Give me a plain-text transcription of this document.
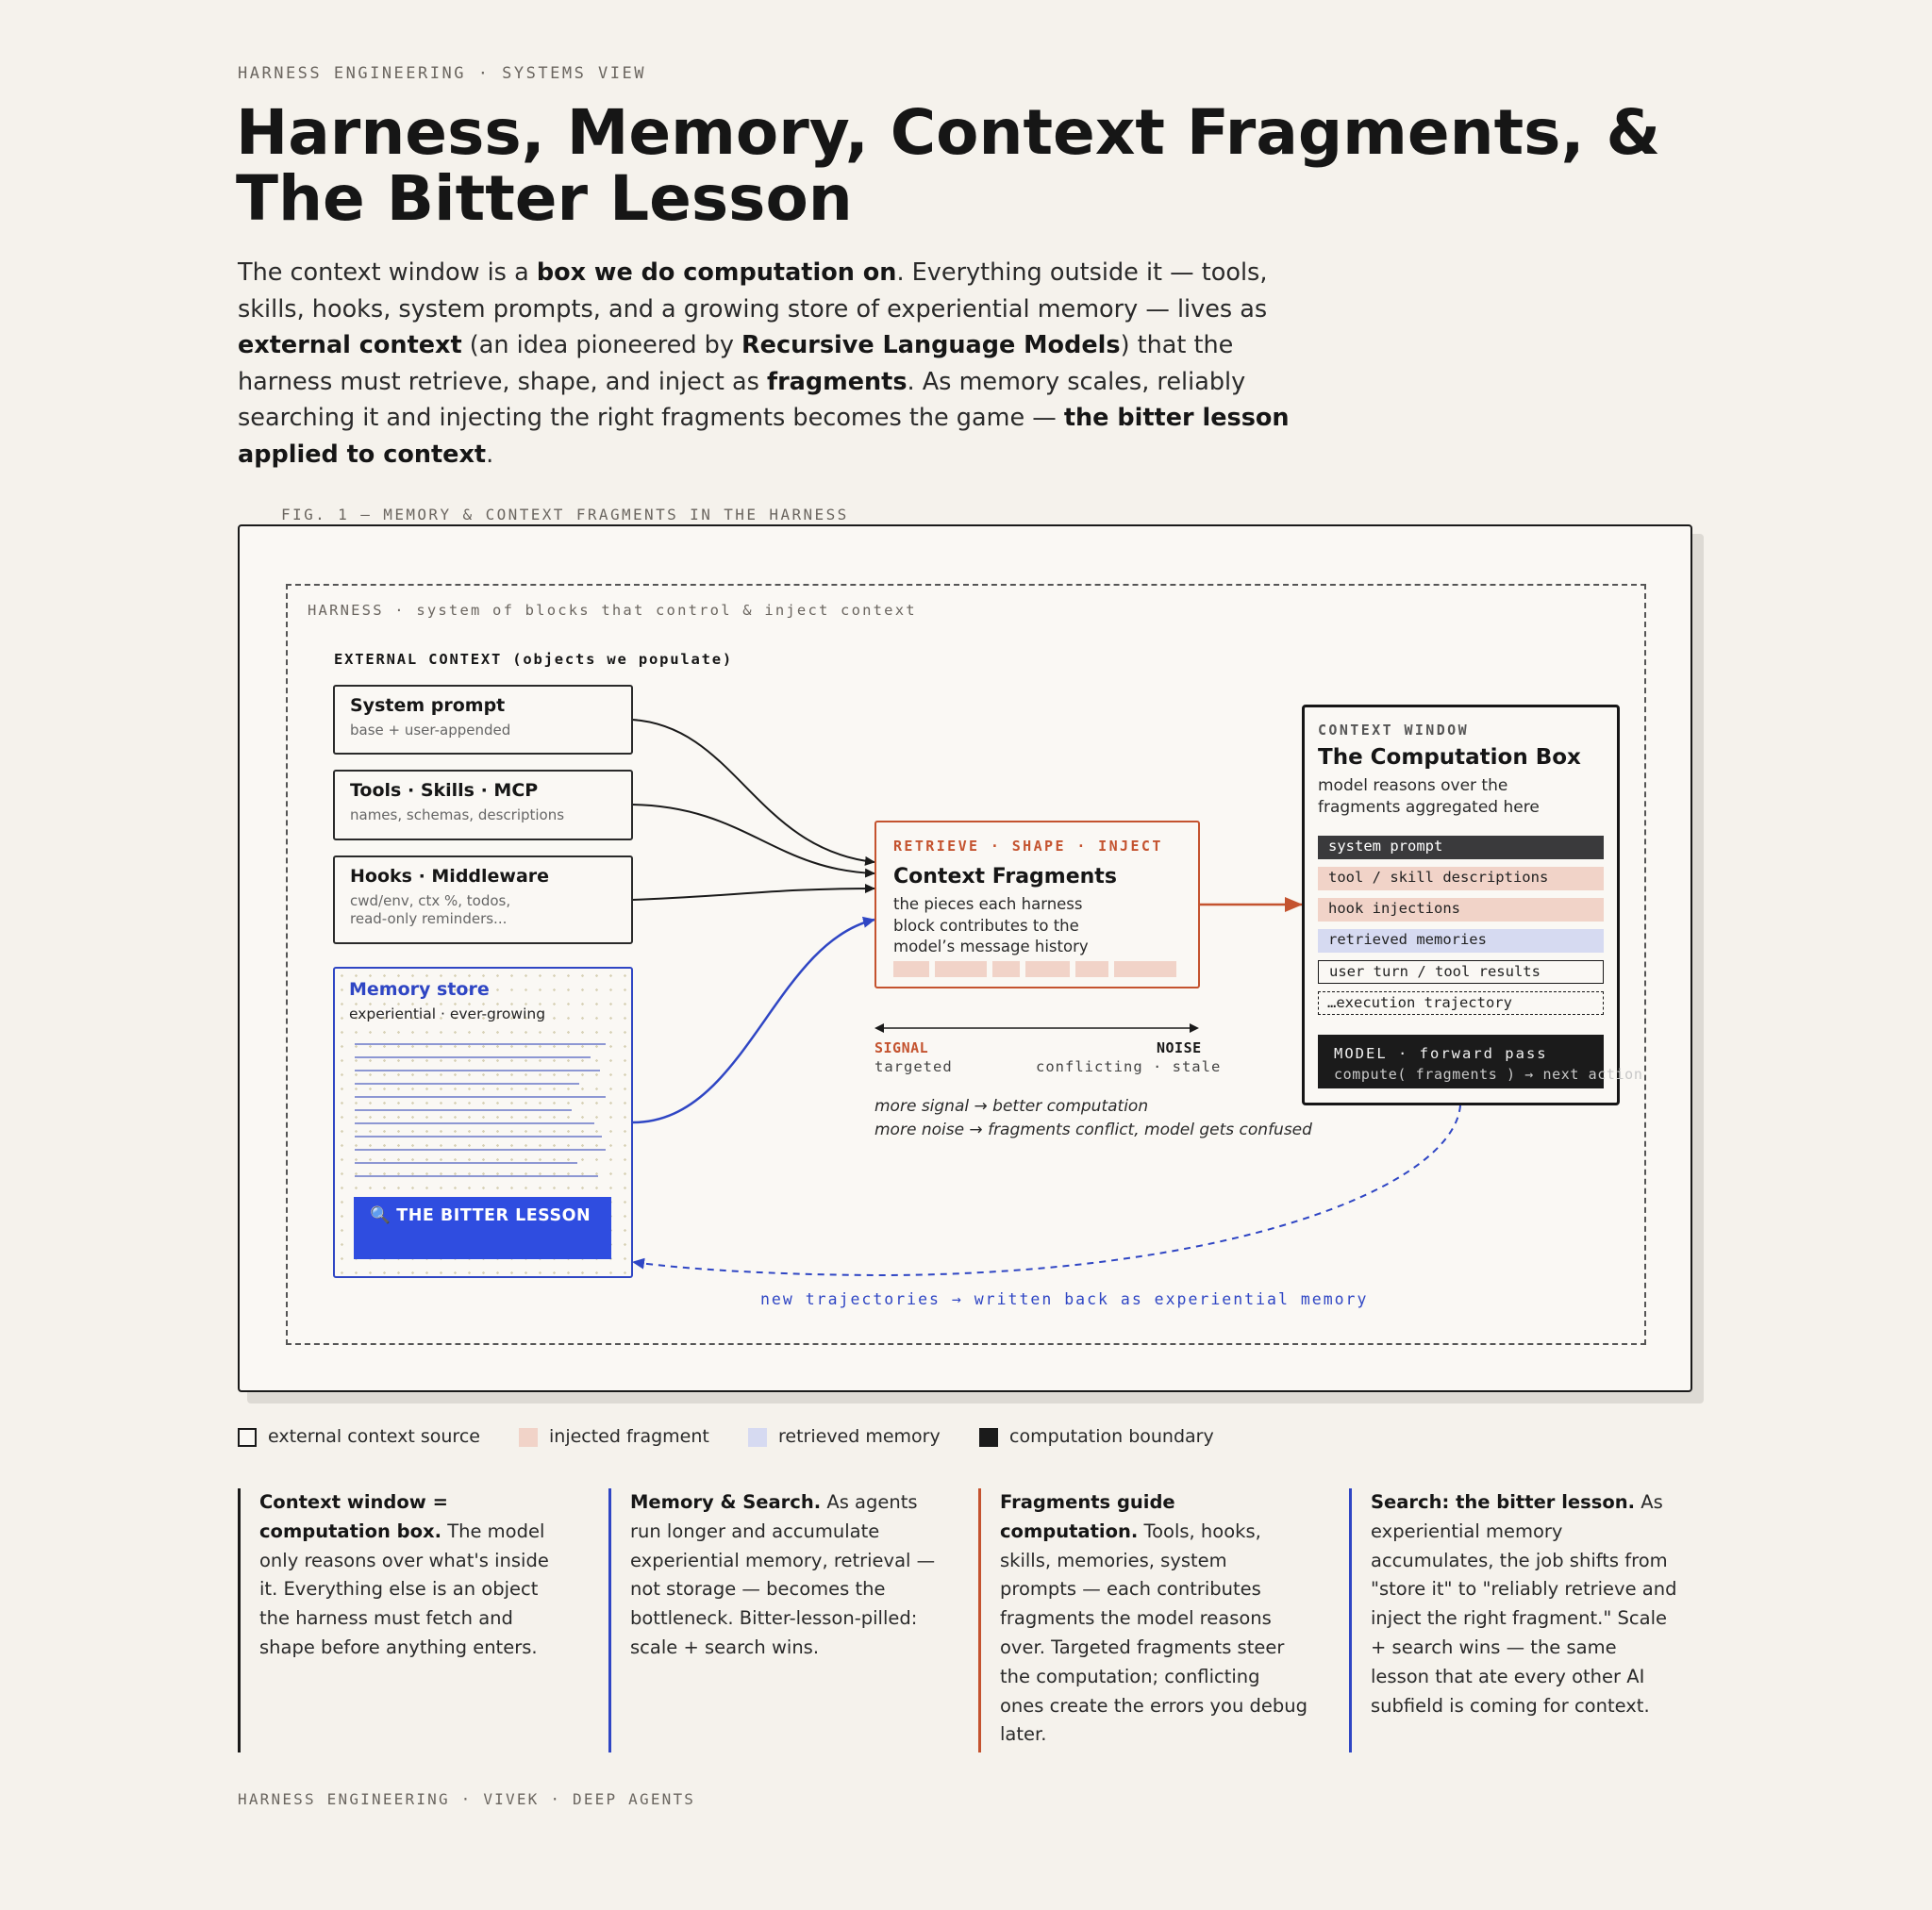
HARNESS ENGINEERING · SYSTEMS VIEW
Harness, Memory, Context Fragments, &
The Bitter Lesson
The context window is a box we do computation on. Everything outside it — tools, skills, hooks, system prompts, and a growing store of experiential memory — lives as external context (an idea pioneered by Recursive Language Models) that the harness must retrieve, shape, and inject as fragments. As memory scales, reliably searching it and injecting the right fragments becomes the game — the bitter lesson applied to context.
FIG. 1 — MEMORY & CONTEXT FRAGMENTS IN THE HARNESS
HARNESS · system of blocks that control & inject context
EXTERNAL CONTEXT (objects we populate)
System prompt
base + user-appended
Tools · Skills · MCP
names, schemas, descriptions
Hooks · Middleware
cwd/env, ctx %, todos,
read-only reminders...
Memory store
experiential · ever-growing
🔍 THE BITTER LESSON
RETRIEVE · SHAPE · INJECT
Context Fragments
the pieces each harness block contributes to the model’s message history
SIGNAL	NOISE
targeted	conflicting · stale
more signal → better computation
more noise → fragments conflict, model gets confused
CONTEXT WINDOW
The Computation Box
model reasons over the fragments aggregated here
system prompt
tool / skill descriptions
hook injections
retrieved memories
user turn / tool results
…execution trajectory
MODEL · forward pass
compute( fragments ) → next action
new trajectories → written back as experiential memory
external context source	injected fragment	retrieved memory	computation boundary
Context window = computation box. The model only reasons over what's inside it. Everything else is an object the harness must fetch and shape before anything enters.
Memory & Search. As agents run longer and accumulate experiential memory, retrieval — not storage — becomes the bottleneck. Bitter-lesson-pilled: scale + search wins.
Fragments guide computation. Tools, hooks, skills, memories, system prompts — each contributes fragments the model reasons over. Targeted fragments steer the computation; conflicting ones create the errors you debug later.
Search: the bitter lesson. As experiential memory accumulates, the job shifts from "store it" to "reliably retrieve and inject the right fragment." Scale + search wins — the same lesson that ate every other AI subfield is coming for context.
HARNESS ENGINEERING · VIVEK · DEEP AGENTS
